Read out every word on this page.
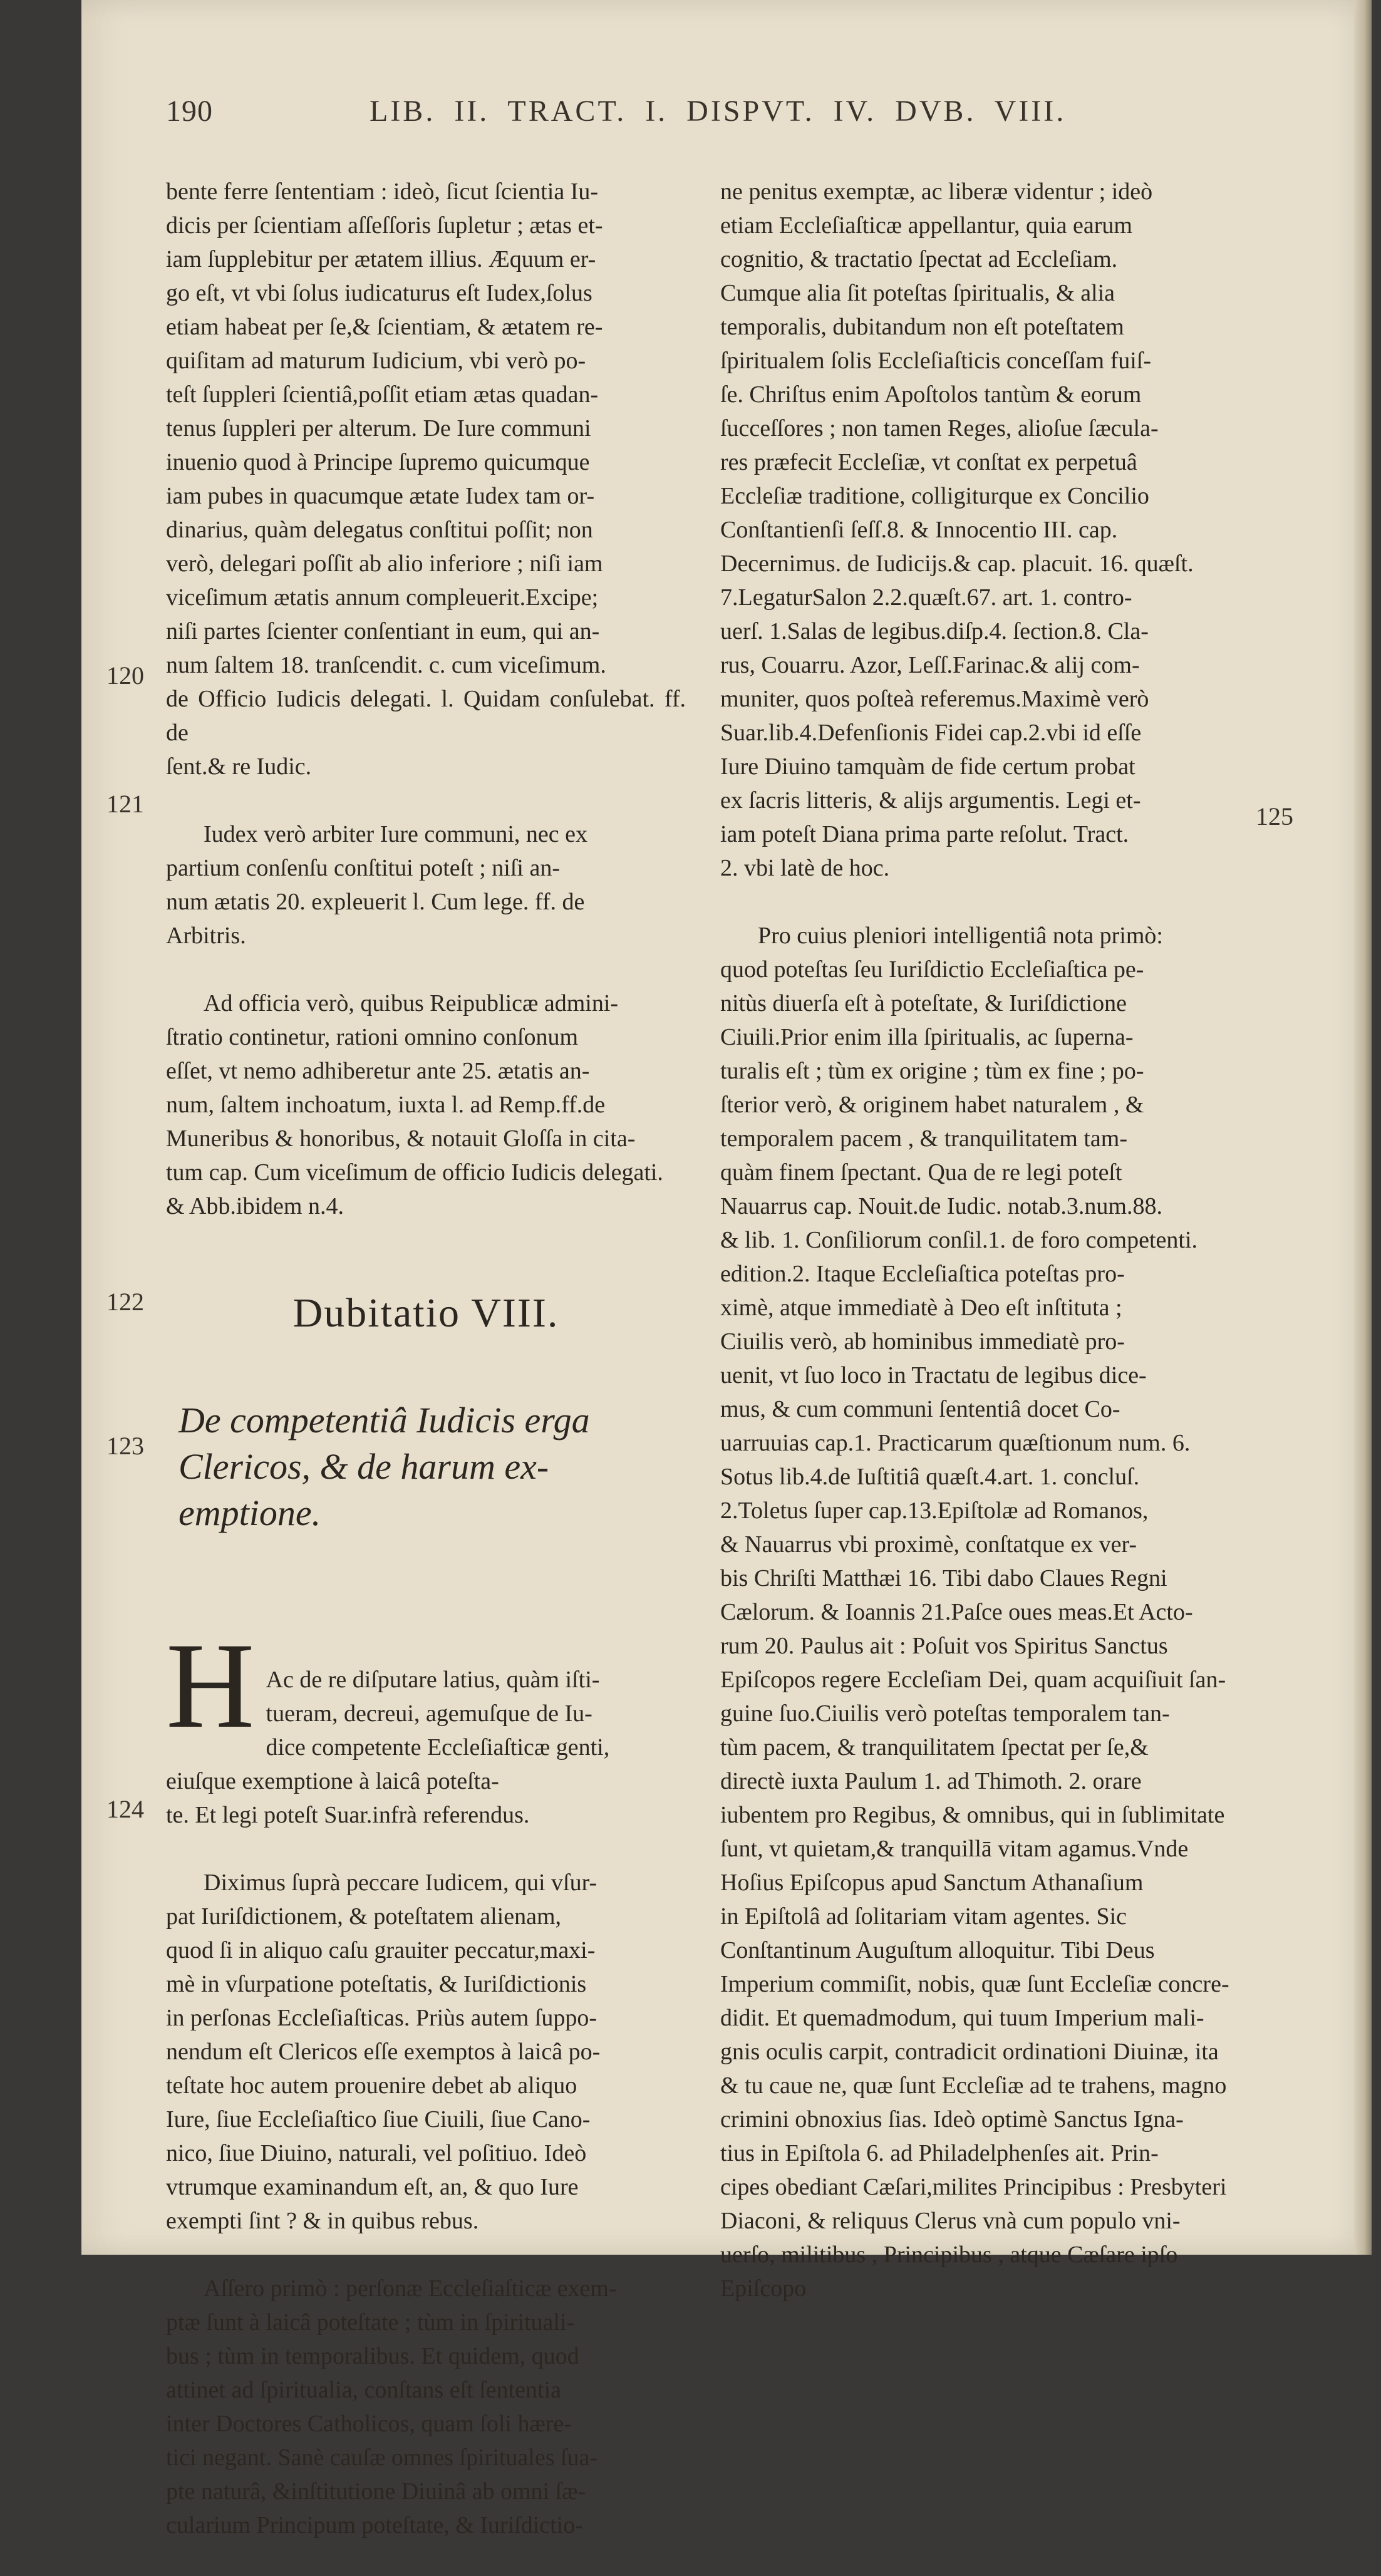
190	LIB. II. TRACT. I. DISPVT. IV. DVB. VIII.

bente ferre ſententiam : ideò, ſicut ſcientia Iu-
dicis per ſcientiam aſſeſſoris ſupletur ; ætas et-
iam ſupplebitur per ætatem illius. Æquum er-
go eſt, vt vbi ſolus iudicaturus eſt Iudex,ſolus
etiam habeat per ſe,& ſcientiam, & ætatem re-
quiſitam ad maturum Iudicium, vbi verò po-
teſt ſuppleri ſcientiâ,poſſit etiam ætas quadan-
tenus ſuppleri per alterum. De Iure communi
inuenio quod à Principe ſupremo quicumque
iam pubes in quacumque ætate Iudex tam or-
dinarius, quàm delegatus conſtitui poſſit; non
verò, delegari poſſit ab alio inferiore ; niſi iam
viceſimum ætatis annum compleuerit.Excipe;
niſi partes ſcienter conſentiant in eum, qui an-
num ſaltem 18. tranſcendit. c. cum viceſimum.
de Officio Iudicis delegati. l. Quidam conſulebat. ff. de
ſent.& re Iudic.

Iudex verò arbiter Iure communi, nec ex
partium conſenſu conſtitui poteſt ; niſi an-
num ætatis 20. expleuerit l. Cum lege. ff. de
Arbitris.

Ad officia verò, quibus Reipublicæ admini-
ſtratio continetur, rationi omnino conſonum
eſſet, vt nemo adhiberetur ante 25. ætatis an-
num, ſaltem inchoatum, iuxta l. ad Remp.ff.de
Muneribus & honoribus, & notauit Gloſſa in cita-
tum cap. Cum viceſimum de officio Iudicis delegati.
& Abb.ibidem n.4.

Dubitatio VIII.

De competentiâ Iudicis erga
Clericos, & de harum ex-
emptione.

H Ac de re diſputare latius, quàm iſti-
tueram, decreui, agemuſque de Iu-
dice competente Eccleſiaſticæ genti,
eiuſque exemptione à laicâ poteſta-
te. Et legi poteſt Suar.infrà referendus.

Diximus ſuprà peccare Iudicem, qui vſur-
pat Iuriſdictionem, & poteſtatem alienam,
quod ſi in aliquo caſu grauiter peccatur,maxi-
mè in vſurpatione poteſtatis, & Iuriſdictionis
in perſonas Eccleſiaſticas. Priùs autem ſuppo-
nendum eſt Clericos eſſe exemptos à laicâ po-
teſtate hoc autem prouenire debet ab aliquo
Iure, ſiue Eccleſiaſtico ſiue Ciuili, ſiue Cano-
nico, ſiue Diuino, naturali, vel poſitiuo. Ideò
vtrumque examinandum eſt, an, & quo Iure
exempti ſint ? & in quibus rebus.

Aſſero primò : perſonæ Eccleſiaſticæ exem-
ptæ ſunt à laicâ poteſtate ; tùm in ſpirituali-
bus ; tùm in temporalibus. Et quidem, quod
attinet ad ſpiritualia, conſtans eſt ſententia
inter Doctores Catholicos, quam ſoli hære-
tici negant. Sanè cauſæ omnes ſpirituales ſua-
pte naturâ, &inſtitutione Diuinâ ab omni ſæ-
cularium Principum poteſtate, & Iuriſdictio-

ne penitus exemptæ, ac liberæ videntur ; ideò
etiam Eccleſiaſticæ appellantur, quia earum
cognitio, & tractatio ſpectat ad Eccleſiam.
Cumque alia ſit poteſtas ſpiritualis, & alia
temporalis, dubitandum non eſt poteſtatem
ſpiritualem ſolis Eccleſiaſticis conceſſam fuiſ-
ſe. Chriſtus enim Apoſtolos tantùm & eorum
ſucceſſores ; non tamen Reges, alioſue ſæcula-
res præfecit Eccleſiæ, vt conſtat ex perpetuâ
Eccleſiæ traditione, colligiturque ex Concilio
Conſtantienſi ſeſſ.8. & Innocentio III. cap.
Decernimus. de Iudicijs.& cap. placuit. 16. quæſt.
7.LegaturSalon 2.2.quæſt.67. art. 1. contro-
uerſ. 1.Salas de legibus.diſp.4. ſection.8. Cla-
rus, Couarru. Azor, Leſſ.Farinac.& alij com-
muniter, quos poſteà referemus.Maximè verò
Suar.lib.4.Defenſionis Fidei cap.2.vbi id eſſe
Iure Diuino tamquàm de fide certum probat
ex ſacris litteris, & alijs argumentis. Legi et-
iam poteſt Diana prima parte reſolut. Tract.
2. vbi latè de hoc.

Pro cuius pleniori intelligentiâ nota primò:
quod poteſtas ſeu Iuriſdictio Eccleſiaſtica pe-
nitùs diuerſa eſt à poteſtate, & Iuriſdictione
Ciuili.Prior enim illa ſpiritualis, ac ſuperna-
turalis eſt ; tùm ex origine ; tùm ex fine ; po-
ſterior verò, & originem habet naturalem , &
temporalem pacem , & tranquilitatem tam-
quàm finem ſpectant. Qua de re legi poteſt
Nauarrus cap. Nouit.de Iudic. notab.3.num.88.
& lib. 1. Conſiliorum conſil.1. de foro competenti.
edition.2. Itaque Eccleſiaſtica poteſtas pro-
ximè, atque immediatè à Deo eſt inſtituta ;
Ciuilis verò, ab hominibus immediatè pro-
uenit, vt ſuo loco in Tractatu de legibus dice-
mus, & cum communi ſententiâ docet Co-
uarruuias cap.1. Practicarum quæſtionum num. 6.
Sotus lib.4.de Iuſtitiâ quæſt.4.art. 1. concluſ.
2.Toletus ſuper cap.13.Epiſtolæ ad Romanos,
& Nauarrus vbi proximè, conſtatque ex ver-
bis Chriſti Matthæi 16. Tibi dabo Claues Regni
Cælorum. & Ioannis 21.Paſce oues meas.Et Acto-
rum 20. Paulus ait : Poſuit vos Spiritus Sanctus
Epiſcopos regere Eccleſiam Dei, quam acquiſiuit ſan-
guine ſuo.Ciuilis verò poteſtas temporalem tan-
tùm pacem, & tranquilitatem ſpectat per ſe,&
directè iuxta Paulum 1. ad Thimoth. 2. orare
iubentem pro Regibus, & omnibus, qui in ſublimitate
ſunt, vt quietam,& tranquillā vitam agamus.Vnde
Hoſius Epiſcopus apud Sanctum Athanaſium
in Epiſtolâ ad ſolitariam vitam agentes. Sic
Conſtantinum Auguſtum alloquitur. Tibi Deus
Imperium commiſit, nobis, quæ ſunt Eccleſiæ concre-
didit. Et quemadmodum, qui tuum Imperium mali-
gnis oculis carpit, contradicit ordinationi Diuinæ, ita
& tu caue ne, quæ ſunt Eccleſiæ ad te trahens, magno
crimini obnoxius ſias. Ideò optimè Sanctus Igna-
tius in Epiſtola 6. ad Philadelphenſes ait. Prin-
cipes obediant Cæſari,milites Principibus : Presbyteri
Diaconi, & reliquus Clerus vnà cum populo vni-
uerſo, militibus , Principibus , atque Cæſare ipſo
Epiſcopo

120
121
122
123
124
125
